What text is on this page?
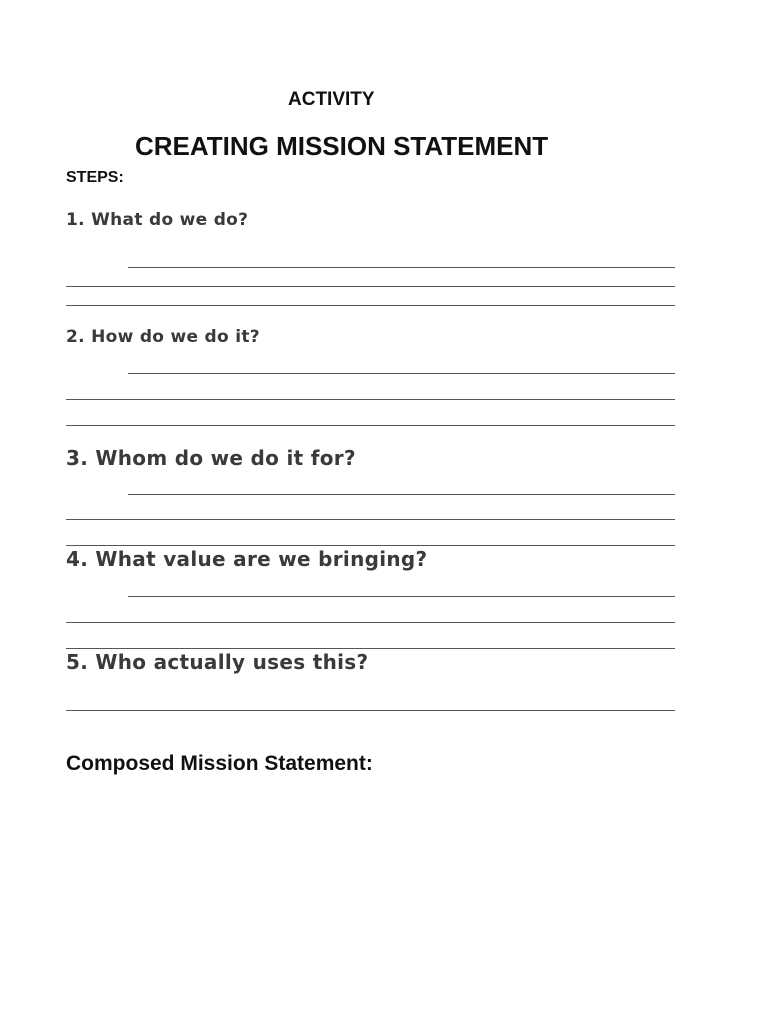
ACTIVITY
CREATING MISSION STATEMENT
STEPS:
1. What do we do?
2. How do we do it?
3. Whom do we do it for?
4. What value are we bringing?
5. Who actually uses this?
Composed Mission Statement:
